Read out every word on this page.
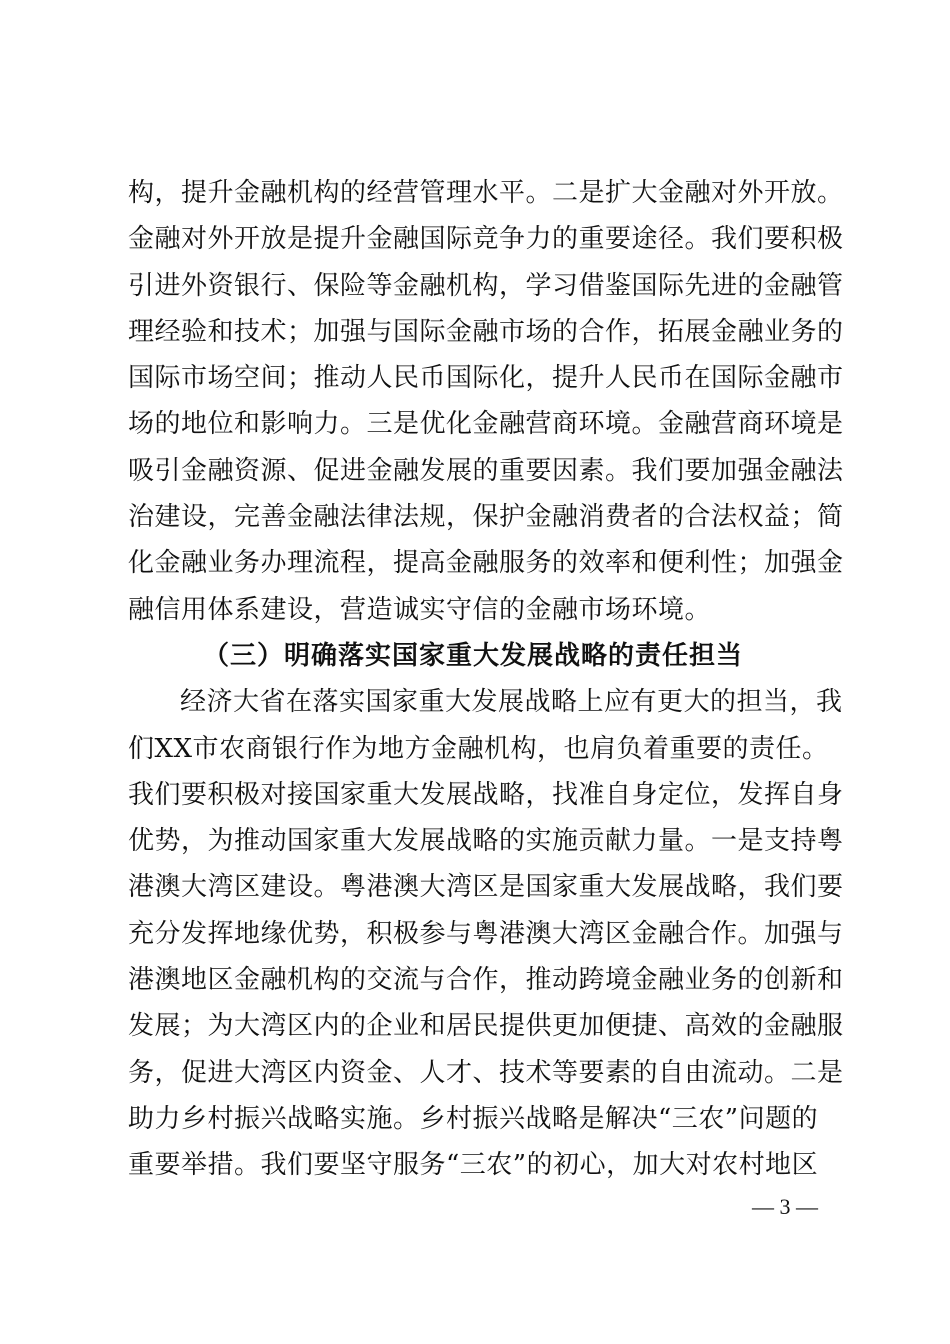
构，提升金融机构的经营管理水平。二是扩大金融对外开放。
金融对外开放是提升金融国际竞争力的重要途径。我们要积极
引进外资银行、保险等金融机构，学习借鉴国际先进的金融管
理经验和技术；加强与国际金融市场的合作，拓展金融业务的
国际市场空间；推动人民币国际化，提升人民币在国际金融市
场的地位和影响力。三是优化金融营商环境。金融营商环境是
吸引金融资源、促进金融发展的重要因素。我们要加强金融法
治建设，完善金融法律法规，保护金融消费者的合法权益；简
化金融业务办理流程，提高金融服务的效率和便利性；加强金
融信用体系建设，营造诚实守信的金融市场环境。
（三）明确落实国家重大发展战略的责任担当
经济大省在落实国家重大发展战略上应有更大的担当，我
们XX市农商银行作为地方金融机构，也肩负着重要的责任。
我们要积极对接国家重大发展战略，找准自身定位，发挥自身
优势，为推动国家重大发展战略的实施贡献力量。一是支持粤
港澳大湾区建设。粤港澳大湾区是国家重大发展战略，我们要
充分发挥地缘优势，积极参与粤港澳大湾区金融合作。加强与
港澳地区金融机构的交流与合作，推动跨境金融业务的创新和
发展；为大湾区内的企业和居民提供更加便捷、高效的金融服
务，促进大湾区内资金、人才、技术等要素的自由流动。二是
助力乡村振兴战略实施。乡村振兴战略是解决“三农”问题的
重要举措。我们要坚守服务“三农”的初心，加大对农村地区
— 3 —
